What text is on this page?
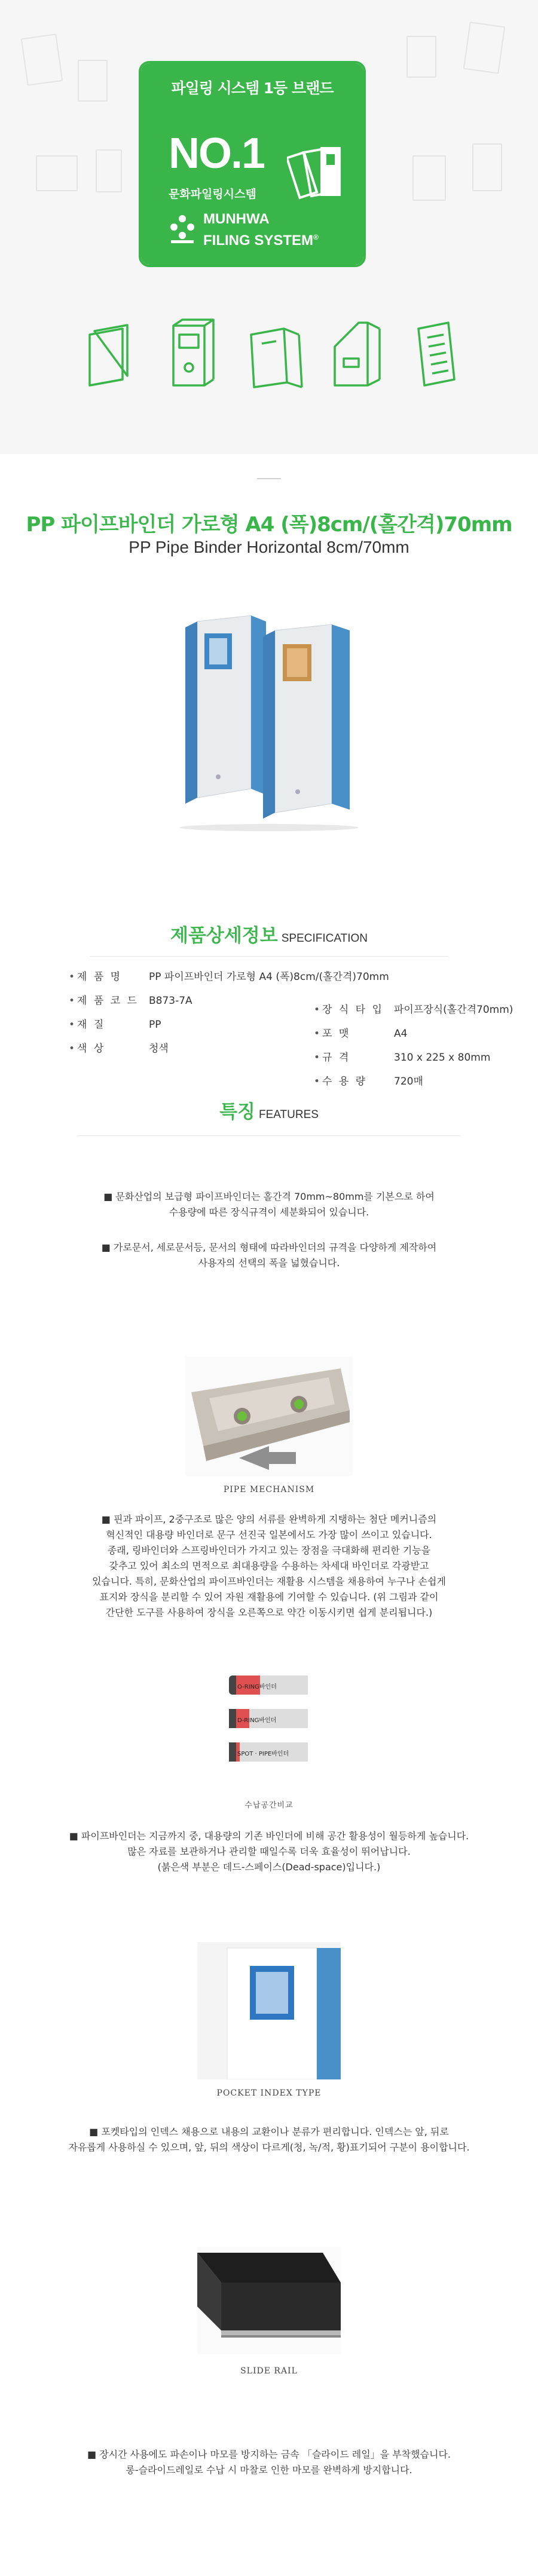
파일링 시스템 1등 브랜드
NO.1
문화파일링시스템
MUNHWA
FILING SYSTEM®
PP 파이프바인더 가로형 A4 (폭)8cm/(홀간격)70mm
PP Pipe Binder Horizontal 8cm/70mm
제품상세정보 SPECIFICATION
• 제 품 명	PP 파이프바인더 가로형 A4 (폭)8cm/(홀간격)70mm
• 제 품 코 드 B873-7A
• 재 질	PP
• 색 상	청색
• 장 식 타 입 파이프장식(홀간격70mm)
• 포 맷	A4
• 규 격	310 x 225 x 80mm
• 수 용 량	720매
특징 FEATURES
■ 문화산업의 보급형 파이프바인더는 홀간격 70mm~80mm를 기본으로 하여
수용량에 따른 장식규격이 세분화되어 있습니다.
■ 가로문서, 세로문서등, 문서의 형태에 따라바인더의 규격을 다양하게 제작하여
사용자의 선택의 폭을 넓혔습니다.
PIPE MECHANISM
■ 핀과 파이프, 2중구조로 많은 양의 서류를 완벽하게 지탱하는 첨단 메커니즘의
혁신적인 대용량 바인더로 문구 선진국 일본에서도 가장 많이 쓰이고 있습니다.
종래, 링바인더와 스프링바인더가 가지고 있는 장점을 극대화해 편리한 기능을
갖추고 있어 최소의 면적으로 최대용량을 수용하는 차세대 바인더로 각광받고
있습니다. 특히, 문화산업의 파이프바인더는 재활용 시스템을 채용하여 누구나 손쉽게
표지와 장식을 분리할 수 있어 자원 재활용에 기여할 수 있습니다. (위 그림과 같이
간단한 도구를 사용하여 장식을 오른쪽으로 약간 이동시키면 쉽게 분리됩니다.)
O-RING바인더
D-RING바인더
SPOT · PIPE바인더
수납공간비교
■ 파이프바인더는 지금까지 중, 대용량의 기존 바인더에 비해 공간 활용성이 월등하게 높습니다.
많은 자료를 보관하거나 관리할 때일수록 더욱 효율성이 뛰어납니다.
(붉은색 부분은 데드-스페이스(Dead-space)입니다.)
POCKET INDEX TYPE
■ 포켓타입의 인덱스 채용으로 내용의 교환이나 분류가 편리합니다. 인덱스는 앞, 뒤로
자유롭게 사용하실 수 있으며, 앞, 뒤의 색상이 다르게(청, 녹/적, 황)표기되어 구분이 용이합니다.
SLIDE RAIL
■ 장시간 사용에도 파손이나 마모를 방지하는 금속 「슬라이드 레일」을 부착했습니다.
롱-슬라이드레일로 수납 시 마찰로 인한 마모를 완벽하게 방지합니다.
